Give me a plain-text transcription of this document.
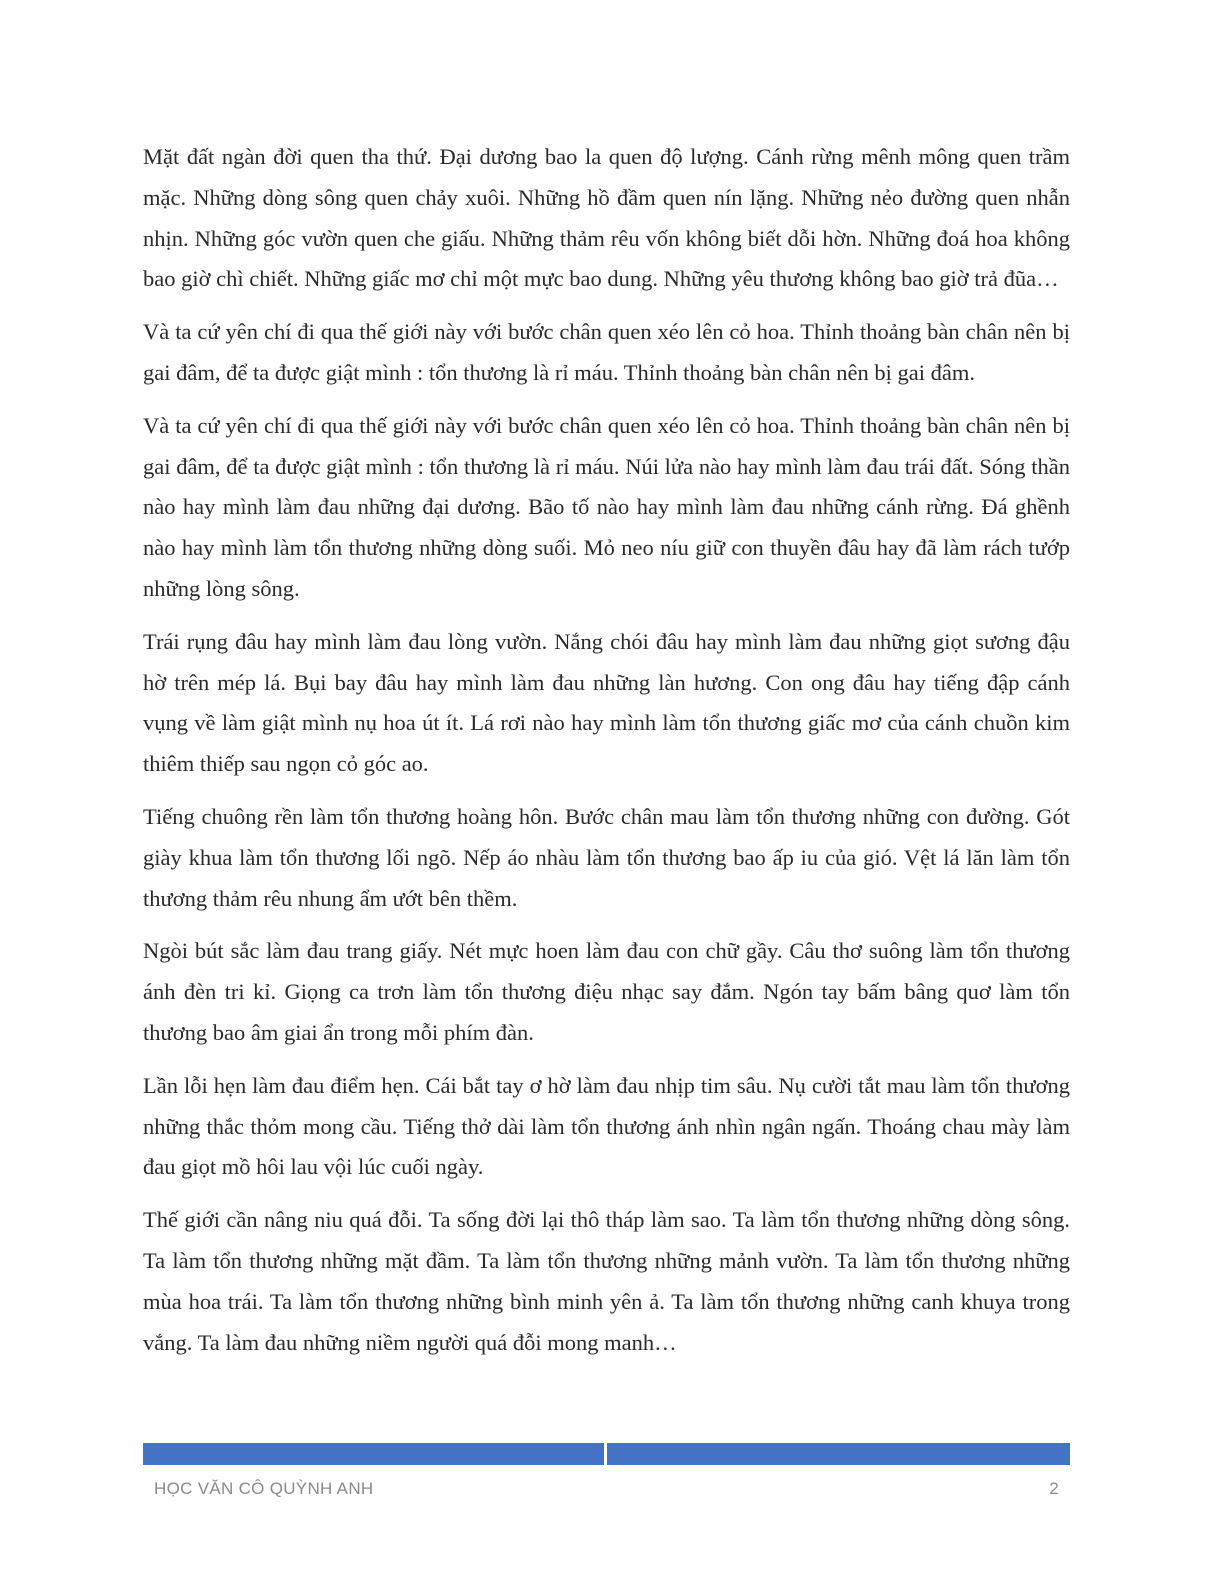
Mặt đất ngàn đời quen tha thứ. Đại dương bao la quen độ lượng. Cánh rừng mênh mông quen trầm mặc. Những dòng sông quen chảy xuôi. Những hồ đầm quen nín lặng. Những nẻo đường quen nhẫn nhịn. Những góc vườn quen che giấu. Những thảm rêu vốn không biết dỗi hờn. Những đoá hoa không bao giờ chì chiết. Những giấc mơ chỉ một mực bao dung. Những yêu thương không bao giờ trả đũa…

Và ta cứ yên chí đi qua thế giới này với bước chân quen xéo lên cỏ hoa. Thỉnh thoảng bàn chân nên bị gai đâm, để ta được giật mình : tổn thương là rỉ máu. Thỉnh thoảng bàn chân nên bị gai đâm.

Và ta cứ yên chí đi qua thế giới này với bước chân quen xéo lên cỏ hoa. Thỉnh thoảng bàn chân nên bị gai đâm, để ta được giật mình : tổn thương là rỉ máu. Núi lửa nào hay mình làm đau trái đất. Sóng thần nào hay mình làm đau những đại dương. Bão tố nào hay mình làm đau những cánh rừng. Đá ghềnh nào hay mình làm tổn thương những dòng suối. Mỏ neo níu giữ con thuyền đâu hay đã làm rách tướp những lòng sông.

Trái rụng đâu hay mình làm đau lòng vườn. Nắng chói đâu hay mình làm đau những giọt sương đậu hờ trên mép lá. Bụi bay đâu hay mình làm đau những làn hương. Con ong đâu hay tiếng đập cánh vụng về làm giật mình nụ hoa út ít. Lá rơi nào hay mình làm tổn thương giấc mơ của cánh chuồn kim thiêm thiếp sau ngọn cỏ góc ao.

Tiếng chuông rền làm tổn thương hoàng hôn. Bước chân mau làm tổn thương những con đường. Gót giày khua làm tổn thương lối ngõ. Nếp áo nhàu làm tổn thương bao ấp iu của gió. Vệt lá lăn làm tổn thương thảm rêu nhung ẩm ướt bên thềm.

Ngòi bút sắc làm đau trang giấy. Nét mực hoen làm đau con chữ gầy. Câu thơ suông làm tổn thương ánh đèn tri kỉ. Giọng ca trơn làm tổn thương điệu nhạc say đắm. Ngón tay bấm bâng quơ làm tổn thương bao âm giai ẩn trong mỗi phím đàn.

Lần lỗi hẹn làm đau điểm hẹn. Cái bắt tay ơ hờ làm đau nhịp tim sâu. Nụ cười tắt mau làm tổn thương những thắc thỏm mong cầu. Tiếng thở dài làm tổn thương ánh nhìn ngân ngấn. Thoáng chau mày làm đau giọt mồ hôi lau vội lúc cuối ngày.

Thế giới cần nâng niu quá đỗi. Ta sống đời lại thô tháp làm sao. Ta làm tổn thương những dòng sông. Ta làm tổn thương những mặt đầm. Ta làm tổn thương những mảnh vườn. Ta làm tổn thương những mùa hoa trái. Ta làm tổn thương những bình minh yên ả. Ta làm tổn thương những canh khuya trong vắng. Ta làm đau những niềm người quá đỗi mong manh…

HỌC VĂN CÔ QUỲNH ANH	2
